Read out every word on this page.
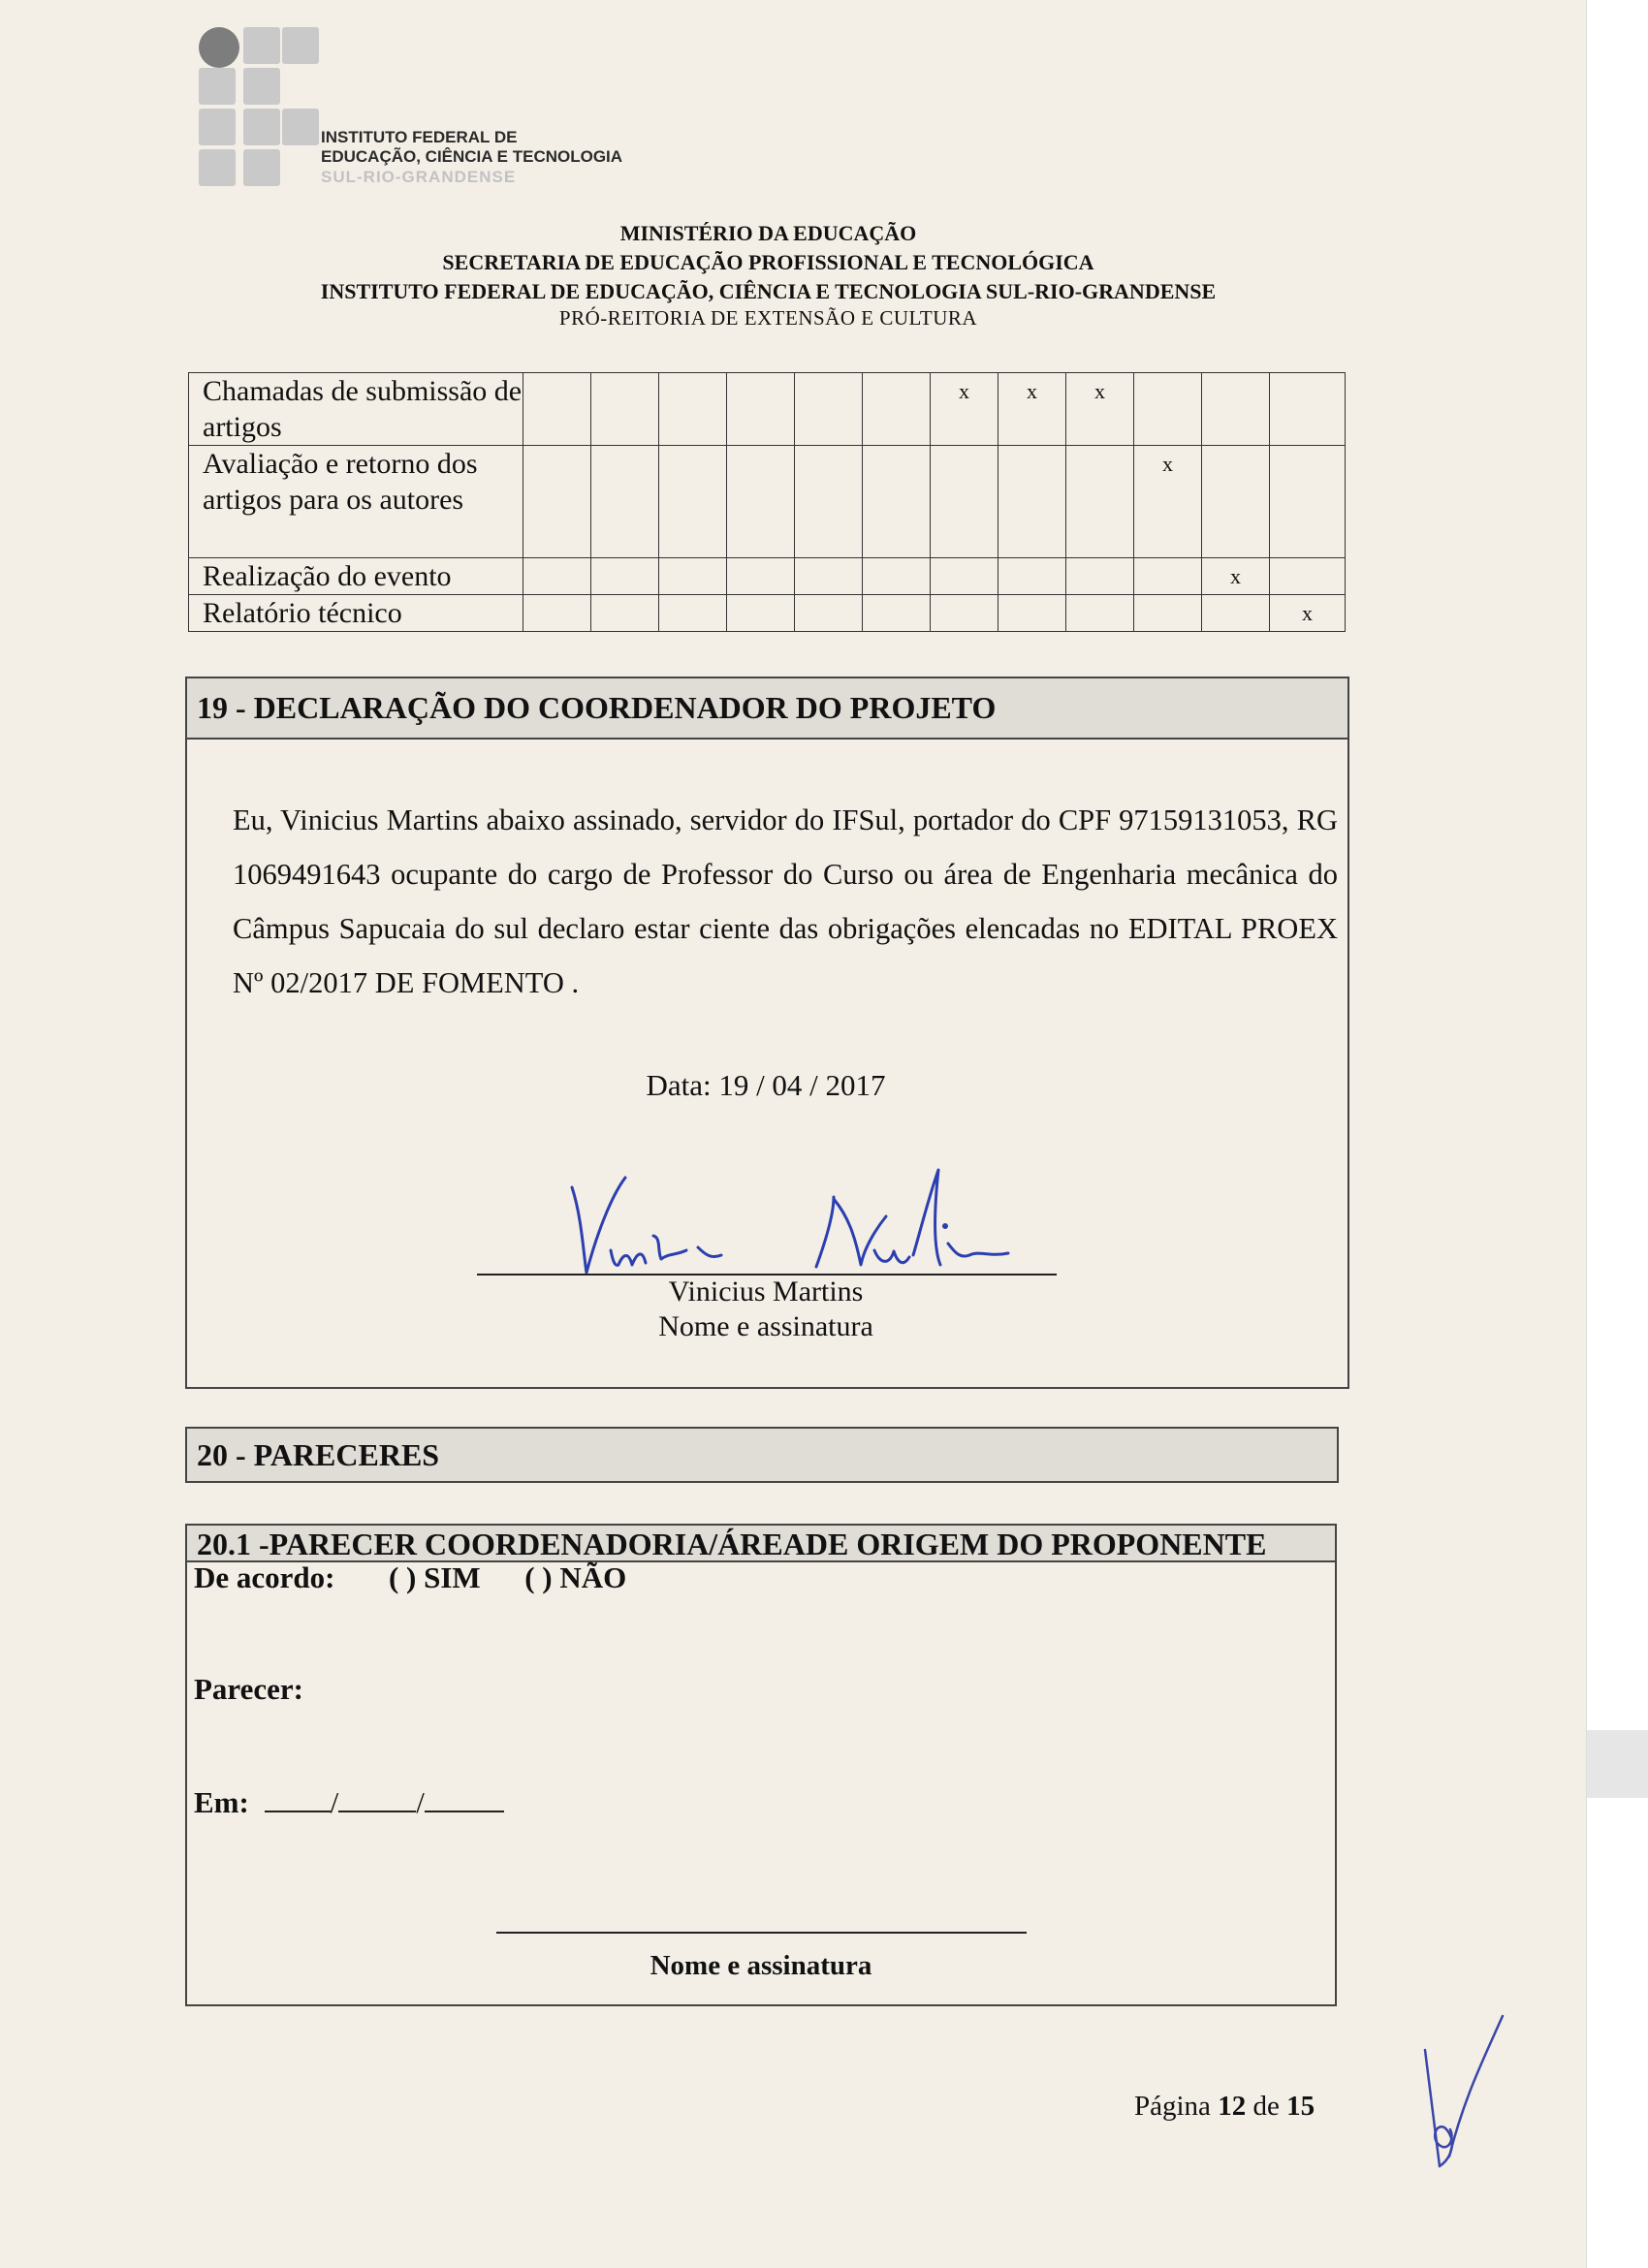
INSTITUTO FEDERAL DE
EDUCAÇÃO, CIÊNCIA E TECNOLOGIA
SUL-RIO-GRANDENSE
MINISTÉRIO DA EDUCAÇÃO
SECRETARIA DE EDUCAÇÃO PROFISSIONAL E TECNOLÓGICA
INSTITUTO FEDERAL DE EDUCAÇÃO, CIÊNCIA E TECNOLOGIA SUL-RIO-GRANDENSE
PRÓ-REITORIA DE EXTENSÃO E CULTURA
Chamadas de submissão de artigos							x	x	x			
Avaliação e retorno dos artigos para os autores										x		
Realização do evento											x	
Relatório técnico												x
19 - DECLARAÇÃO DO COORDENADOR DO PROJETO

Eu, Vinicius Martins abaixo assinado, servidor do IFSul, portador do CPF 97159131053, RG 1069491643 ocupante do cargo de Professor do Curso ou área de Engenharia mecânica do Câmpus Sapucaia do sul declaro estar ciente das obrigações elencadas no EDITAL PROEX Nº 02/2017 DE FOMENTO .

Data: 19 / 04 / 2017
Vinicius Martins
Nome e assinatura
20 - PARECERES
20.1 -PARECER COORDENADORIA/ÁREADE ORIGEM DO PROPONENTE
De acordo: ( ) SIM ( ) NÃO
Parecer:
Em:	/	/
Nome e assinatura
Página 12 de 15
